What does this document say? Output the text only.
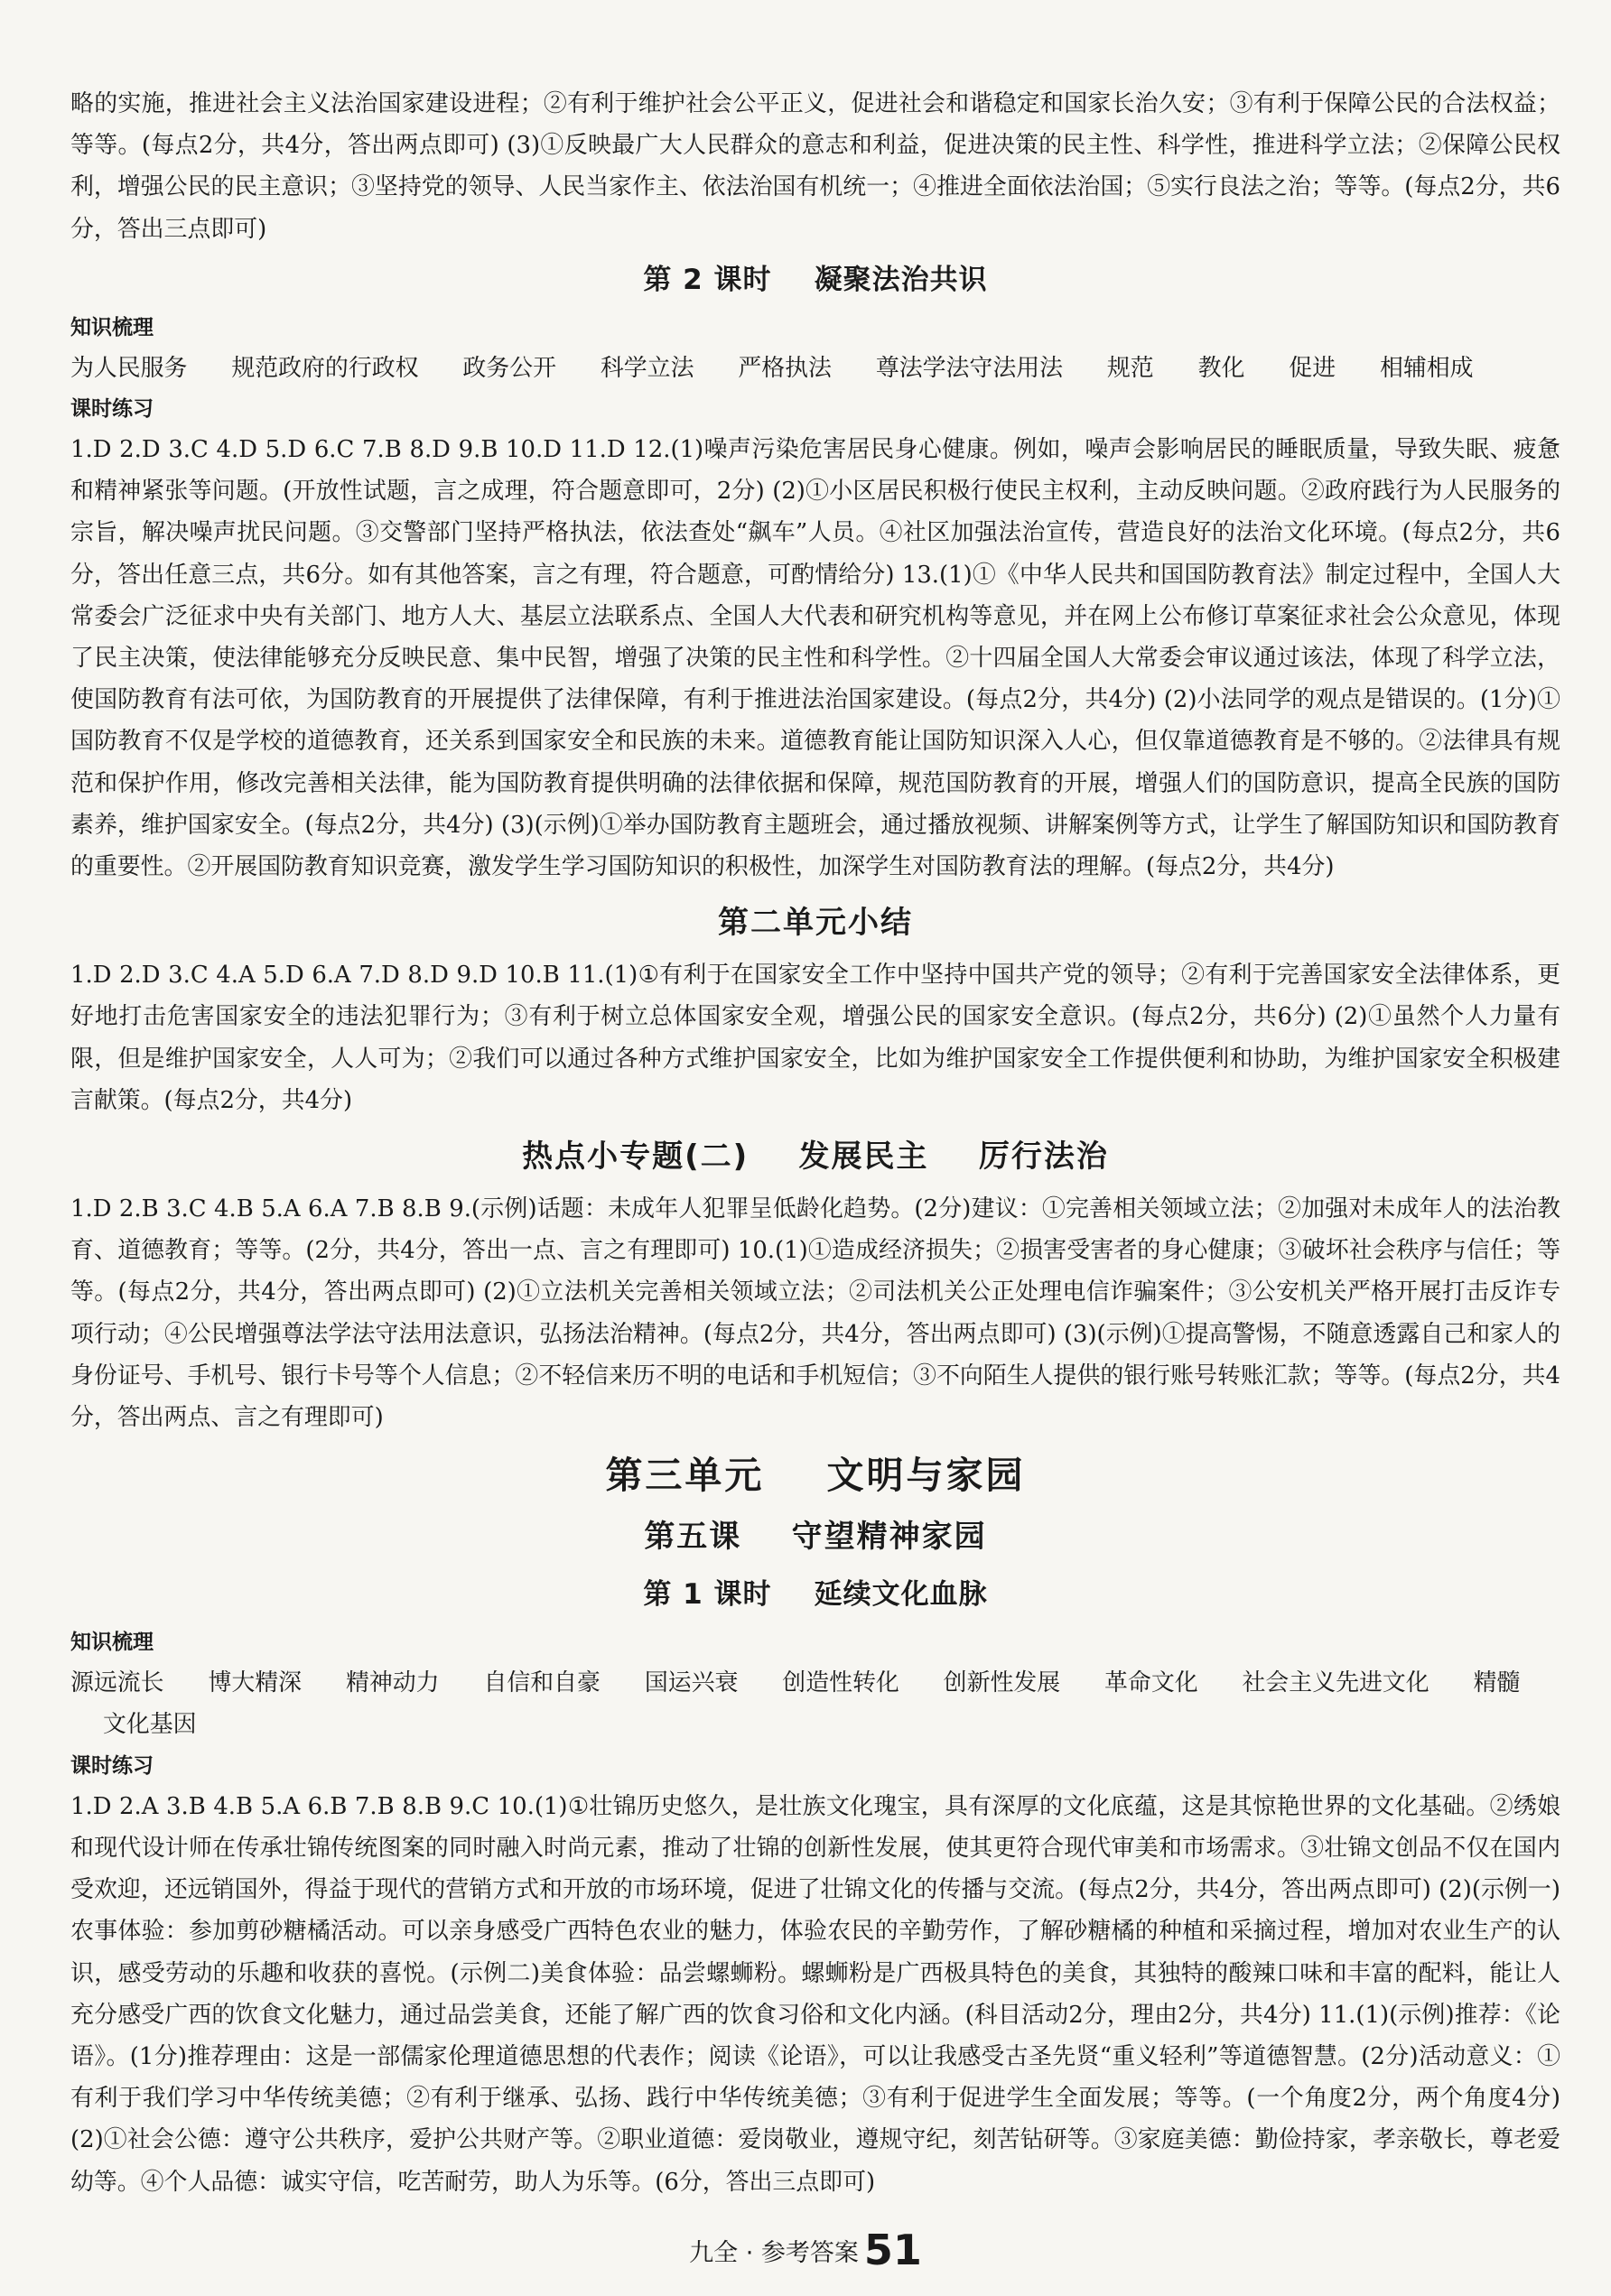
略的实施，推进社会主义法治国家建设进程；②有利于维护社会公平正义，促进社会和谐稳定和国家长治久安；③有利于保障公民的合法权益；等等。(每点2分，共4分，答出两点即可) (3)①反映最广大人民群众的意志和利益，促进决策的民主性、科学性，推进科学立法；②保障公民权利，增强公民的民主意识；③坚持党的领导、人民当家作主、依法治国有机统一；④推进全面依法治国；⑤实行良法之治；等等。(每点2分，共6分，答出三点即可)

第 2 课时    凝聚法治共识
知识梳理

为人民服务    规范政府的行政权    政务公开    科学立法    严格执法    尊法学法守法用法    规范    教化    促进    相辅相成

课时练习

1.D 2.D 3.C 4.D 5.D 6.C 7.B 8.D 9.B 10.D 11.D 12.(1)噪声污染危害居民身心健康。例如，噪声会影响居民的睡眠质量，导致失眠、疲惫和精神紧张等问题。(开放性试题，言之成理，符合题意即可，2分) (2)①小区居民积极行使民主权利，主动反映问题。②政府践行为人民服务的宗旨，解决噪声扰民问题。③交警部门坚持严格执法，依法查处“飙车”人员。④社区加强法治宣传，营造良好的法治文化环境。(每点2分，共6分，答出任意三点，共6分。如有其他答案，言之有理，符合题意，可酌情给分) 13.(1)①《中华人民共和国国防教育法》制定过程中，全国人大常委会广泛征求中央有关部门、地方人大、基层立法联系点、全国人大代表和研究机构等意见，并在网上公布修订草案征求社会公众意见，体现了民主决策，使法律能够充分反映民意、集中民智，增强了决策的民主性和科学性。②十四届全国人大常委会审议通过该法，体现了科学立法，使国防教育有法可依，为国防教育的开展提供了法律保障，有利于推进法治国家建设。(每点2分，共4分) (2)小法同学的观点是错误的。(1分)①国防教育不仅是学校的道德教育，还关系到国家安全和民族的未来。道德教育能让国防知识深入人心，但仅靠道德教育是不够的。②法律具有规范和保护作用，修改完善相关法律，能为国防教育提供明确的法律依据和保障，规范国防教育的开展，增强人们的国防意识，提高全民族的国防素养，维护国家安全。(每点2分，共4分) (3)(示例)①举办国防教育主题班会，通过播放视频、讲解案例等方式，让学生了解国防知识和国防教育的重要性。②开展国防教育知识竞赛，激发学生学习国防知识的积极性，加深学生对国防教育法的理解。(每点2分，共4分)

第二单元小结

1.D 2.D 3.C 4.A 5.D 6.A 7.D 8.D 9.D 10.B 11.(1)①有利于在国家安全工作中坚持中国共产党的领导；②有利于完善国家安全法律体系，更好地打击危害国家安全的违法犯罪行为；③有利于树立总体国家安全观，增强公民的国家安全意识。(每点2分，共6分) (2)①虽然个人力量有限，但是维护国家安全，人人可为；②我们可以通过各种方式维护国家安全，比如为维护国家安全工作提供便利和协助，为维护国家安全积极建言献策。(每点2分，共4分)

热点小专题(二)    发展民主    厉行法治

1.D 2.B 3.C 4.B 5.A 6.A 7.B 8.B 9.(示例)话题：未成年人犯罪呈低龄化趋势。(2分)建议：①完善相关领域立法；②加强对未成年人的法治教育、道德教育；等等。(2分，共4分，答出一点、言之有理即可) 10.(1)①造成经济损失；②损害受害者的身心健康；③破坏社会秩序与信任；等等。(每点2分，共4分，答出两点即可) (2)①立法机关完善相关领域立法；②司法机关公正处理电信诈骗案件；③公安机关严格开展打击反诈专项行动；④公民增强尊法学法守法用法意识，弘扬法治精神。(每点2分，共4分，答出两点即可) (3)(示例)①提高警惕，不随意透露自己和家人的身份证号、手机号、银行卡号等个人信息；②不轻信来历不明的电话和手机短信；③不向陌生人提供的银行账号转账汇款；等等。(每点2分，共4分，答出两点、言之有理即可)

第三单元    文明与家园
第五课    守望精神家园
第 1 课时    延续文化血脉
知识梳理

源远流长    博大精深    精神动力    自信和自豪    国运兴衰    创造性转化    创新性发展    革命文化    社会主义先进文化    精髓

文化基因

课时练习

1.D 2.A 3.B 4.B 5.A 6.B 7.B 8.B 9.C 10.(1)①壮锦历史悠久，是壮族文化瑰宝，具有深厚的文化底蕴，这是其惊艳世界的文化基础。②绣娘和现代设计师在传承壮锦传统图案的同时融入时尚元素，推动了壮锦的创新性发展，使其更符合现代审美和市场需求。③壮锦文创品不仅在国内受欢迎，还远销国外，得益于现代的营销方式和开放的市场环境，促进了壮锦文化的传播与交流。(每点2分，共4分，答出两点即可) (2)(示例一)农事体验：参加剪砂糖橘活动。可以亲身感受广西特色农业的魅力，体验农民的辛勤劳作，了解砂糖橘的种植和采摘过程，增加对农业生产的认识，感受劳动的乐趣和收获的喜悦。(示例二)美食体验：品尝螺蛳粉。螺蛳粉是广西极具特色的美食，其独特的酸辣口味和丰富的配料，能让人充分感受广西的饮食文化魅力，通过品尝美食，还能了解广西的饮食习俗和文化内涵。(科目活动2分，理由2分，共4分) 11.(1)(示例)推荐：《论语》。(1分)推荐理由：这是一部儒家伦理道德思想的代表作；阅读《论语》，可以让我感受古圣先贤“重义轻利”等道德智慧。(2分)活动意义：①有利于我们学习中华传统美德；②有利于继承、弘扬、践行中华传统美德；③有利于促进学生全面发展；等等。(一个角度2分，两个角度4分) (2)①社会公德：遵守公共秩序，爱护公共财产等。②职业道德：爱岗敬业，遵规守纪，刻苦钻研等。③家庭美德：勤俭持家，孝亲敬长，尊老爱幼等。④个人品德：诚实守信，吃苦耐劳，助人为乐等。(6分，答出三点即可)

九全 · 参考答案 51
